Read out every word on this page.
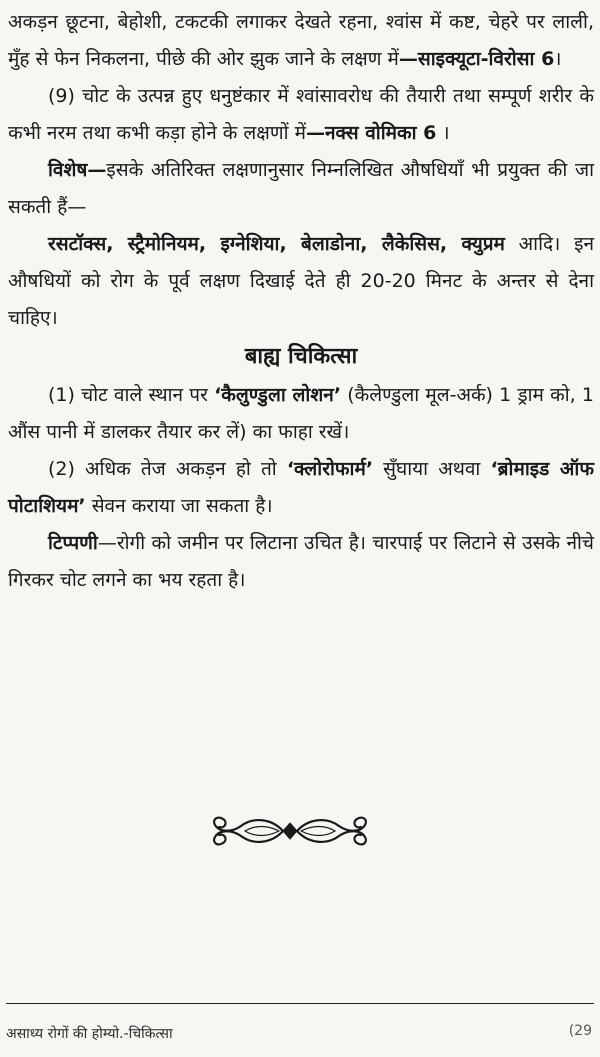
अकड़न छूटना, बेहोशी, टकटकी लगाकर देखते रहना, श्वांस में कष्ट, चेहरे पर लाली, मुँह से फेन निकलना, पीछे की ओर झुक जाने के लक्षण में—साइक्यूटा-विरोसा 6।

(9) चोट के उत्पन्न हुए धनुष्टंकार में श्वांसावरोध की तैयारी तथा सम्पूर्ण शरीर के कभी नरम तथा कभी कड़ा होने के लक्षणों में—नक्स वोमिका 6 ।

विशेष—इसके अतिरिक्त लक्षणानुसार निम्नलिखित औषधियाँ भी प्रयुक्त की जा सकती हैं—

रसटॉक्स, स्ट्रैमोनियम, इग्नेशिया, बेलाडोना, लैकेसिस, क्युप्रम आदि। इन औषधियों को रोग के पूर्व लक्षण दिखाई देते ही 20-20 मिनट के अन्तर से देना चाहिए।

बाह्य चिकित्सा

(1) चोट वाले स्थान पर ‘कैलुण्डुला लोशन’ (कैलेण्डुला मूल-अर्क) 1 ड्राम को, 1 औंस पानी में डालकर तैयार कर लें) का फाहा रखें।

(2) अधिक तेज अकड़न हो तो ‘क्लोरोफार्म’ सुँघाया अथवा ‘ब्रोमाइड ऑफ पोटाशियम’ सेवन कराया जा सकता है।

टिप्पणी—रोगी को जमीन पर लिटाना उचित है। चारपाई पर लिटाने से उसके नीचे गिरकर चोट लगने का भय रहता है।

असाध्य रोगों की होम्यो.-चिकित्सा	(29
